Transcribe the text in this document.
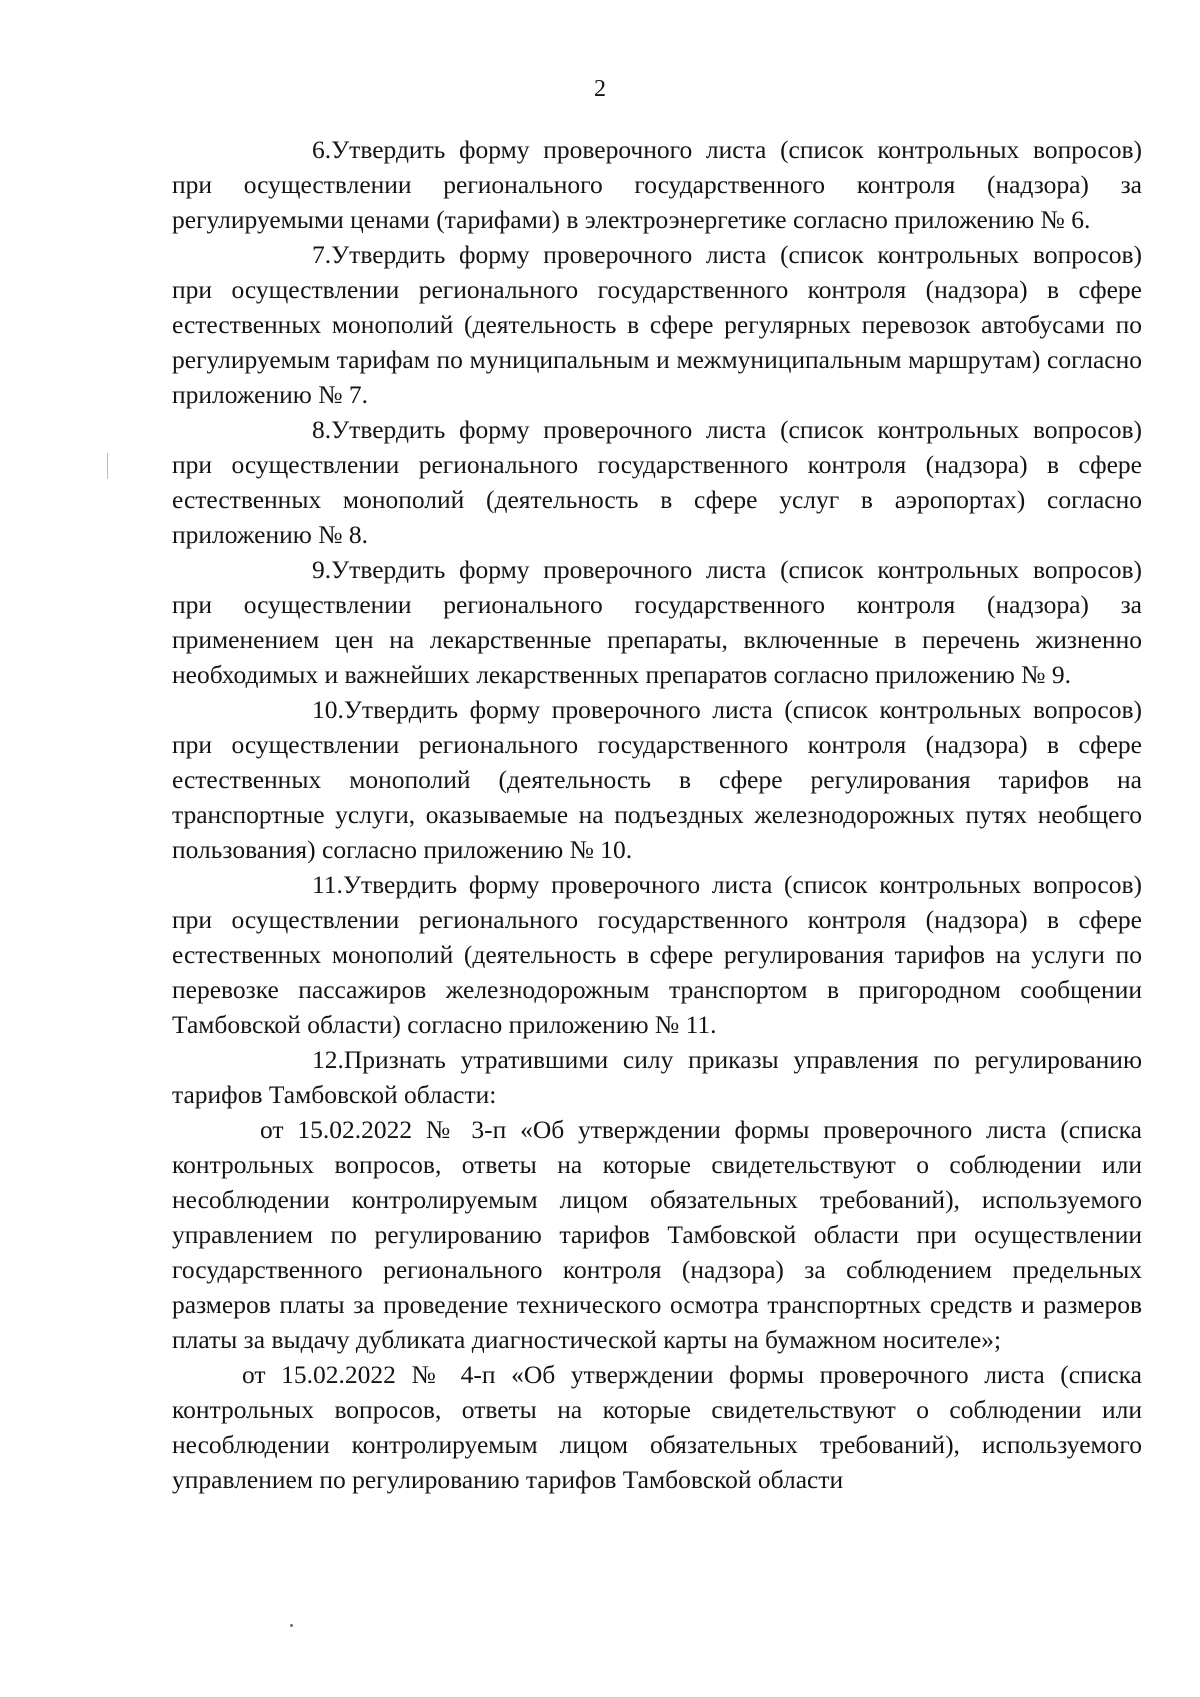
2

6.Утвердить форму проверочного листа (список контрольных вопросов) при осуществлении регионального государственного контроля (надзора) за регулируемыми ценами (тарифами) в электроэнергетике согласно приложению № 6.

7.Утвердить форму проверочного листа (список контрольных вопросов) при осуществлении регионального государственного контроля (надзора) в сфере естественных монополий (деятельность в сфере регулярных перевозок автобусами по регулируемым тарифам по муниципальным и межмуниципальным маршрутам) согласно приложению № 7.

8.Утвердить форму проверочного листа (список контрольных вопросов) при осуществлении регионального государственного контроля (надзора) в сфере естественных монополий (деятельность в сфере услуг в аэропортах) согласно приложению № 8.

9.Утвердить форму проверочного листа (список контрольных вопросов) при осуществлении регионального государственного контроля (надзора) за применением цен на лекарственные препараты, включенные в перечень жизненно необходимых и важнейших лекарственных препаратов согласно приложению № 9.

10.Утвердить форму проверочного листа (список контрольных вопросов) при осуществлении регионального государственного контроля (надзора) в сфере естественных монополий (деятельность в сфере регулирования тарифов на транспортные услуги, оказываемые на подъездных железнодорожных путях необщего пользования) согласно приложению № 10.

11.Утвердить форму проверочного листа (список контрольных вопросов) при осуществлении регионального государственного контроля (надзора) в сфере естественных монополий (деятельность в сфере регулирования тарифов на услуги по перевозке пассажиров железнодорожным транспортом в пригородном сообщении Тамбовской области) согласно приложению № 11.

12.Признать утратившими силу приказы управления по регулированию тарифов Тамбовской области:

от 15.02.2022 № 3-п «Об утверждении формы проверочного листа (списка контрольных вопросов, ответы на которые свидетельствуют о соблюдении или несоблюдении контролируемым лицом обязательных требований), используемого управлением по регулированию тарифов Тамбовской области при осуществлении государственного регионального контроля (надзора) за соблюдением предельных размеров платы за проведение технического осмотра транспортных средств и размеров платы за выдачу дубликата диагностической карты на бумажном носителе»;

от 15.02.2022 № 4-п «Об утверждении формы проверочного листа (списка контрольных вопросов, ответы на которые свидетельствуют о соблюдении или несоблюдении контролируемым лицом обязательных требований), используемого управлением по регулированию тарифов Тамбовской области
